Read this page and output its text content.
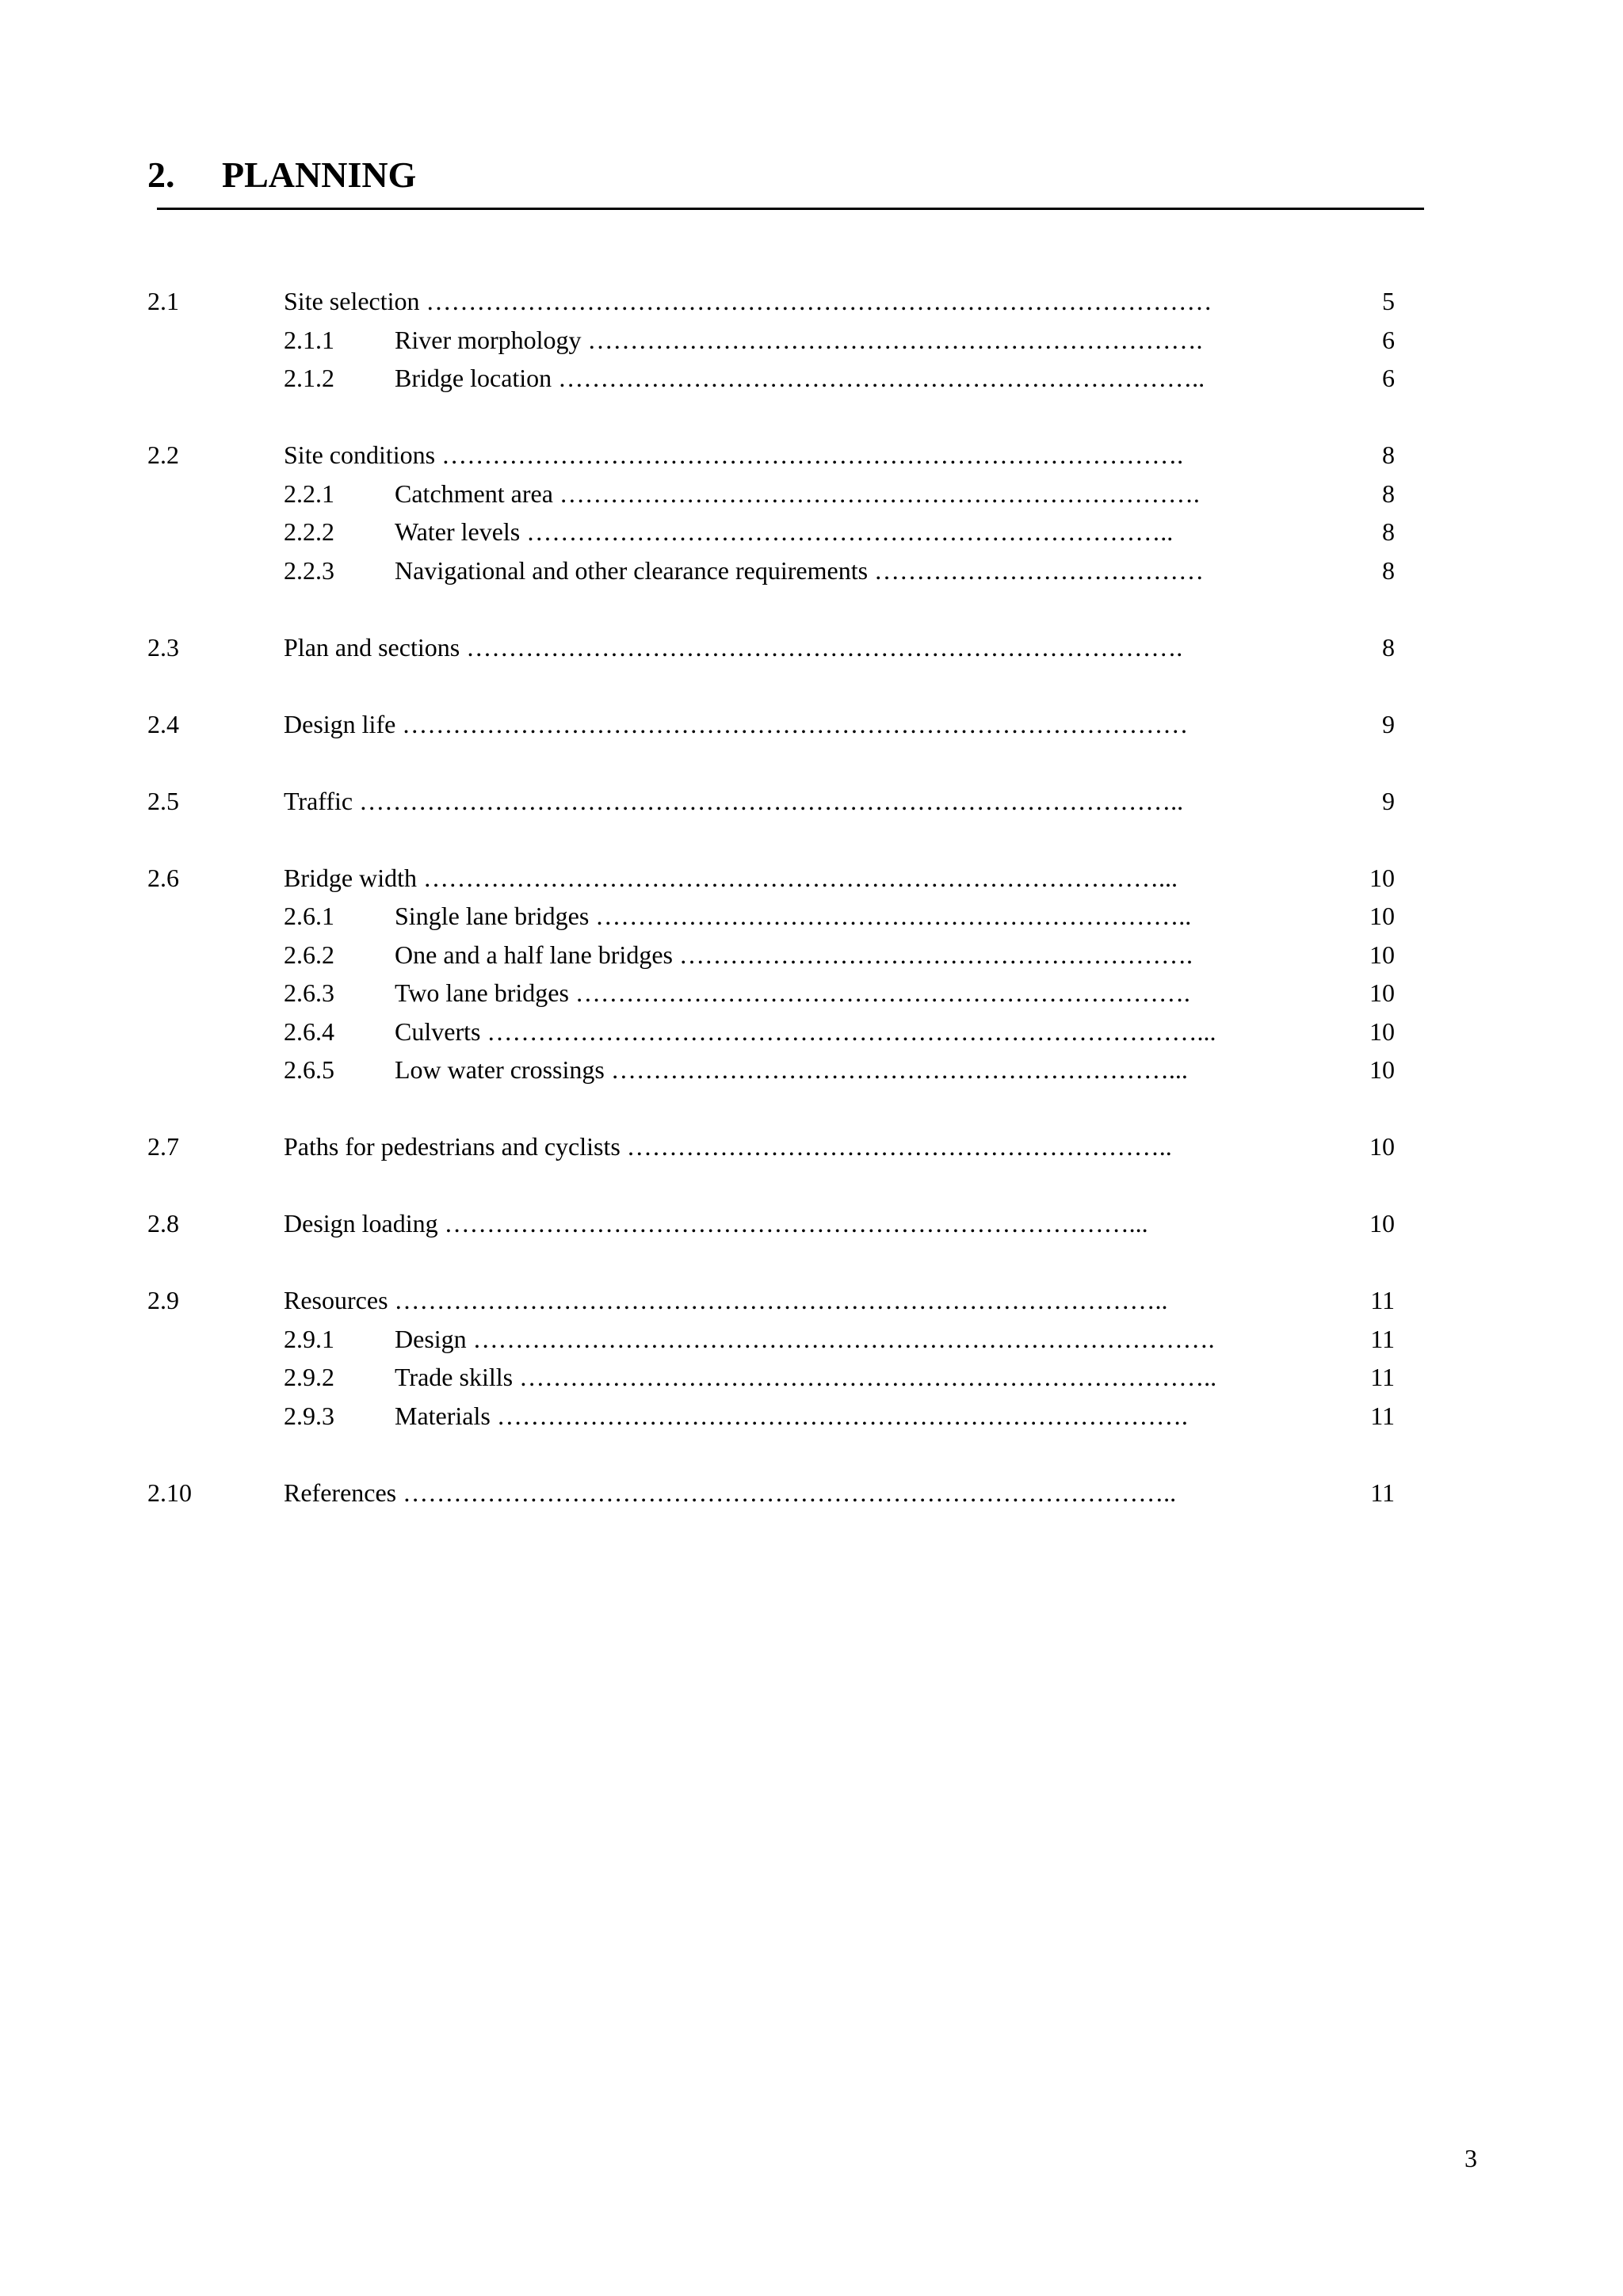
2. PLANNING
2.1	Site selection …………………………………………………………………………………	5
2.1.1 River morphology ……………………………………………………………….	6
2.1.2 Bridge location …………………………………………………………………..	6
2.2	Site conditions …………………………………………………………………………….	8
2.2.1 Catchment area ………………………………………………………………….	8
2.2.2 Water levels …………………………………………………………………..	8
2.2.3 Navigational and other clearance requirements …………………………………	8
2.3	Plan and sections ………………………………………………………………………….	8
2.4	Design life …………………………………………………………………………………	9
2.5	Traffic ……………………………………………………………………………………..	9
2.6	Bridge width ……………………………………………………………………………...	10
2.6.1 Single lane bridges ……………………………………………………………..	10
2.6.2 One and a half lane bridges …………………………………………………….	10
2.6.3 Two lane bridges ……………………………………………………………….	10
2.6.4 Culverts …………………………………………………………………………...	10
2.6.5 Low water crossings …………………………………………………………...	10
2.7	Paths for pedestrians and cyclists ………………………………………………………..	10
2.8	Design loading ………………………………………………………………………...	10
2.9	Resources ………………………………………………………………………………..	11
2.9.1 Design …………………………………………………………………………….	11
2.9.2 Trade skills ………………………………………………………………………..	11
2.9.3 Materials ……………………………………………………………………….	11
2.10	References ………………………………………………………………………………..	11
3
